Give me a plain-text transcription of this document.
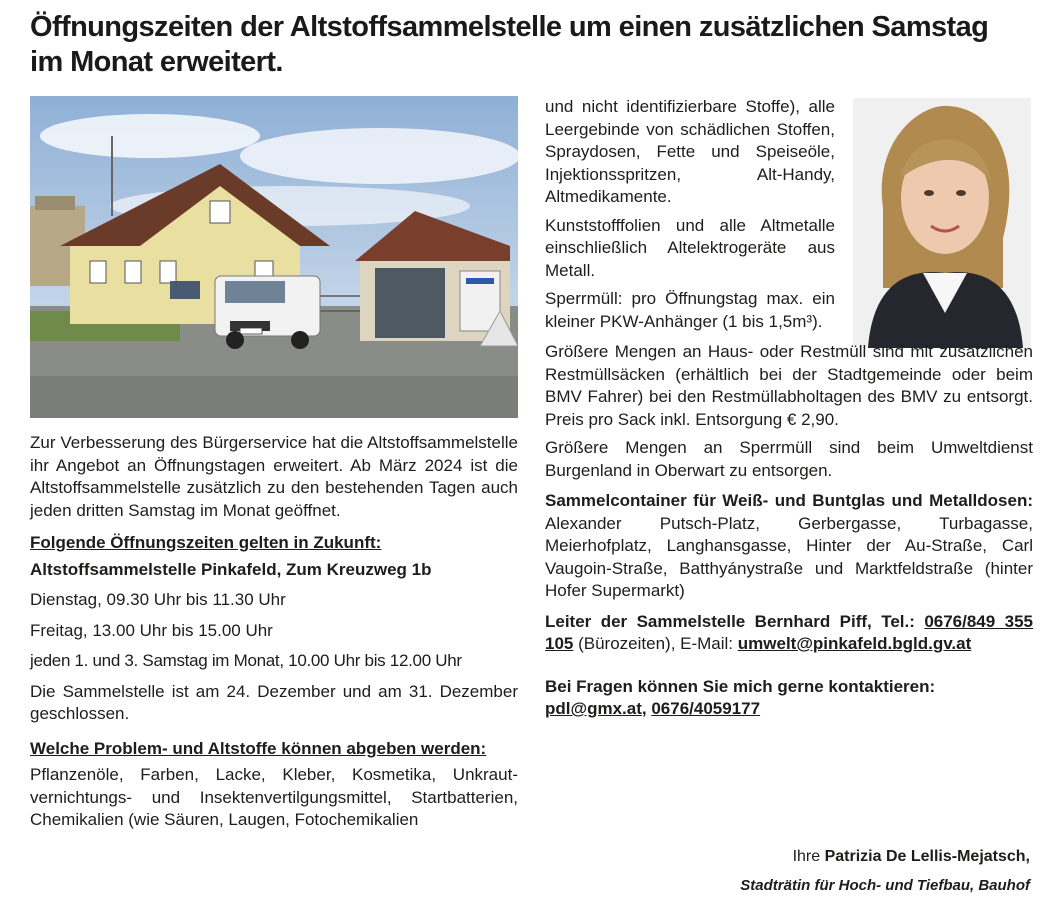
Öffnungszeiten der Altstoffsammelstelle um einen zusätzlichen Samstag im Monat erweitert.

Zur Verbesserung des Bürgerservice hat die Altstoffsammelstelle ihr Angebot an Öffnungstagen erweitert. Ab März 2024 ist die Altstoffsammelstelle zusätzlich zu den bestehenden Tagen auch jeden dritten Samstag im Monat geöffnet.

Folgende Öffnungszeiten gelten in Zukunft:

Altstoffsammelstelle Pinkafeld, Zum Kreuzweg 1b

Dienstag, 09.30 Uhr bis 11.30 Uhr

Freitag, 13.00 Uhr bis 15.00 Uhr

jeden 1. und 3. Samstag im Monat, 10.00 Uhr bis 12.00 Uhr

Die Sammelstelle ist am 24. Dezember und am 31. Dezember geschlossen.

Welche Problem- und Altstoffe können abgeben werden:

Pflanzenöle, Farben, Lacke, Kleber, Kosmetika, Unkrautvernichtungs- und Insektenvertilgungsmittel, Startbatterien, Chemikalien (wie Säuren, Laugen, Fotochemikalien

und nicht identifizierbare Stoffe), alle Leergebinde von schädlichen Stoffen, Spraydosen, Fette und Speiseöle, Injektionsspritzen, Alt-Handy, Altmedikamente.

Kunststofffolien und alle Altmetalle einschließlich Altelektrogeräte aus Metall.

Sperrmüll: pro Öffnungstag max. ein kleiner PKW-Anhänger (1 bis 1,5m³).

Größere Mengen an Haus- oder Restmüll sind mit zusätzlichen Restmüllsäcken (erhältlich bei der Stadtgemeinde oder beim BMV Fahrer) bei den Restmüllabholtagen des BMV zu entsorgt. Preis pro Sack inkl. Entsorgung € 2,90.

Größere Mengen an Sperrmüll sind beim Umweltdienst Burgenland in Oberwart zu entsorgen.

Sammelcontainer für Weiß- und Buntglas und Metalldosen: Alexander Putsch-Platz, Gerbergasse, Turbagasse, Meierhofplatz, Langhansgasse, Hinter der Au-Straße, Carl Vaugoin-Straße, Batthyánystraße und Marktfeldstraße (hinter Hofer Supermarkt)

Leiter der Sammelstelle Bernhard Piff, Tel.: 0676/849 355 105 (Bürozeiten), E-Mail: umwelt@pinkafeld.bgld.gv.at

Bei Fragen können Sie mich gerne kontaktieren:

pdl@gmx.at, 0676/4059177

Ihre Patrizia De Lellis-Mejatsch,
Stadträtin für Hoch- und Tiefbau, Bauhof
